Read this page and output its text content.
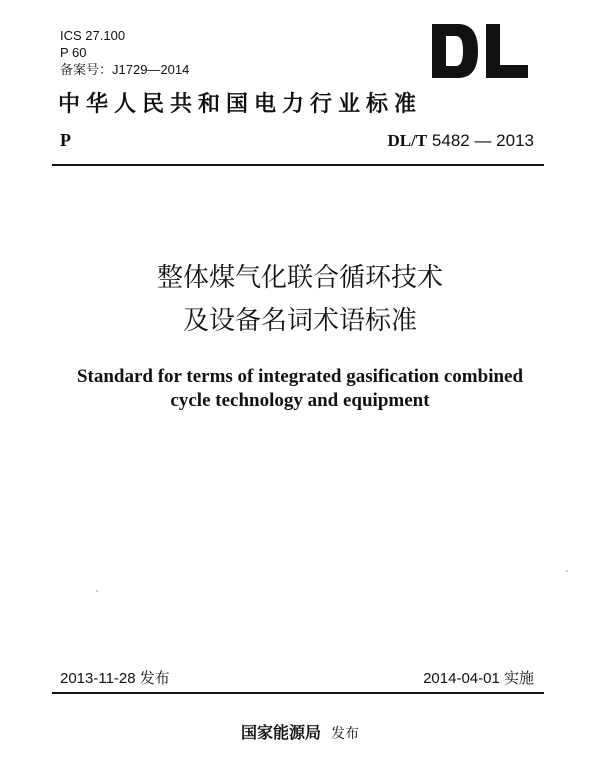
ICS 27.100
P 60
备案号：J1729—2014
中华人民共和国电力行业标准
P	DL/T 5482 — 2013
整体煤气化联合循环技术
及设备名词术语标准
Standard for terms of integrated gasification combined
cycle technology and equipment
2013-11-28 发布	2014-04-01 实施
国家能源局 发布
